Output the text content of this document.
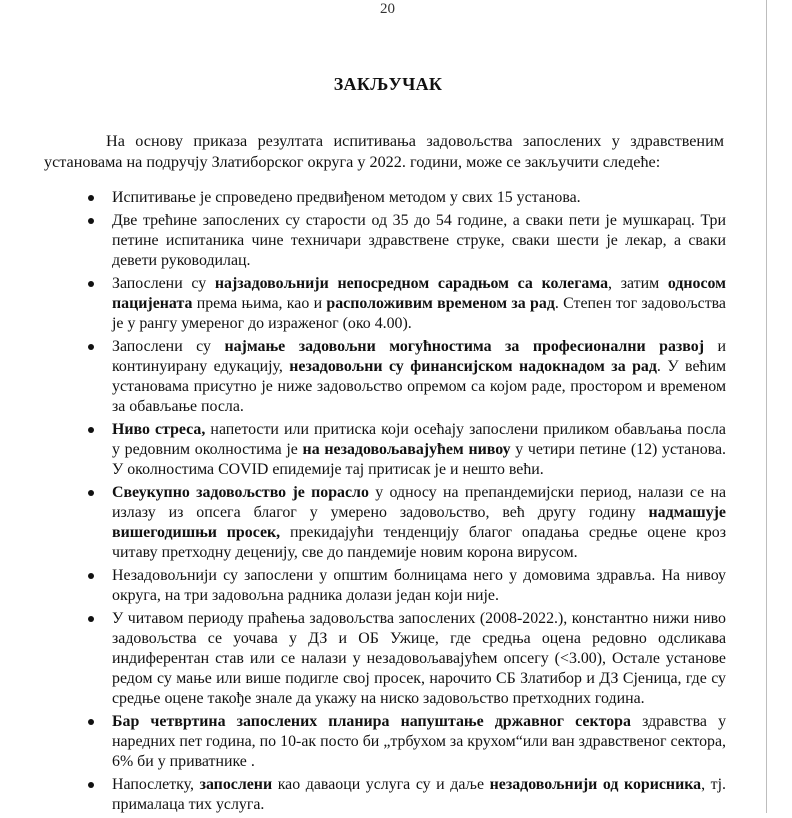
20
ЗАКЉУЧАК

На основу приказа резултата испитивања задовољства запослених у здравственим установама на подручју Златиборског округа у 2022. години, може се закључити следеће:

Испитивање је спроведено предвиђеном методом у свих 15 установа.
Две трећине запослених су старости од 35 до 54 године, а сваки пети је мушкарац. Три петине испитаника чине техничари здравствене струке, сваки шести је лекар, а сваки девети руководилац.
Запослени су најзадовољнији непосредном сарадњом са колегама, затим односом пацијената према њима, као и расположивим временом за рад. Степен тог задовољства је у рангу умереног до израженог (око 4.00).
Запослени су најмање задовољни могућностима за професионални развој и континуирану едукацију, незадовољни су финансијском надокнадом за рад. У већим установама присутно је ниже задовољство опремом са којом раде, простором и временом за обављање посла.
Ниво стреса, напетости или притиска који осећају запослени приликом обављања посла у редовним околностима је на незадовољавајућем нивоу у четири петине (12) установа. У околностима COVID епидемије тај притисак је и нешто већи.
Свеукупно задовољство је порасло у односу на препандемијски период, налази се на излазу из опсега благог у умерено задовољство, већ другу годину надмашује вишегодишњи просек, прекидајући тенденцију благог опадања средње оцене кроз читаву претходну деценију, све до пандемије новим корона вирусом.
Незадовољнији су запослени у општим болницама него у домовима здравља. На нивоу округа, на три задовољна радника долази један који није.
У читавом периоду праћења задовољства запослених (2008-2022.), константно нижи ниво задовољства се уочава у ДЗ и ОБ Ужице, где средња оцена редовно одсликава индиферентан став или се налази у незадовољавајућем опсегу (<3.00), Остале установе редом су мање или више подигле свој просек, нарочито СБ Златибор и ДЗ Сјеница, где су средње оцене такође знале да укажу на ниско задовољство претходних година.
Бар четвртина запослених планира напуштање државног сектора здравства у наредних пет година, по 10-ак посто би „трбухом за крухом“или ван здравственог сектора, 6% би у приватнике .
Напослетку, запослени као даваоци услуга су и даље незадовољнији од корисника, тј. прималаца тих услуга.
